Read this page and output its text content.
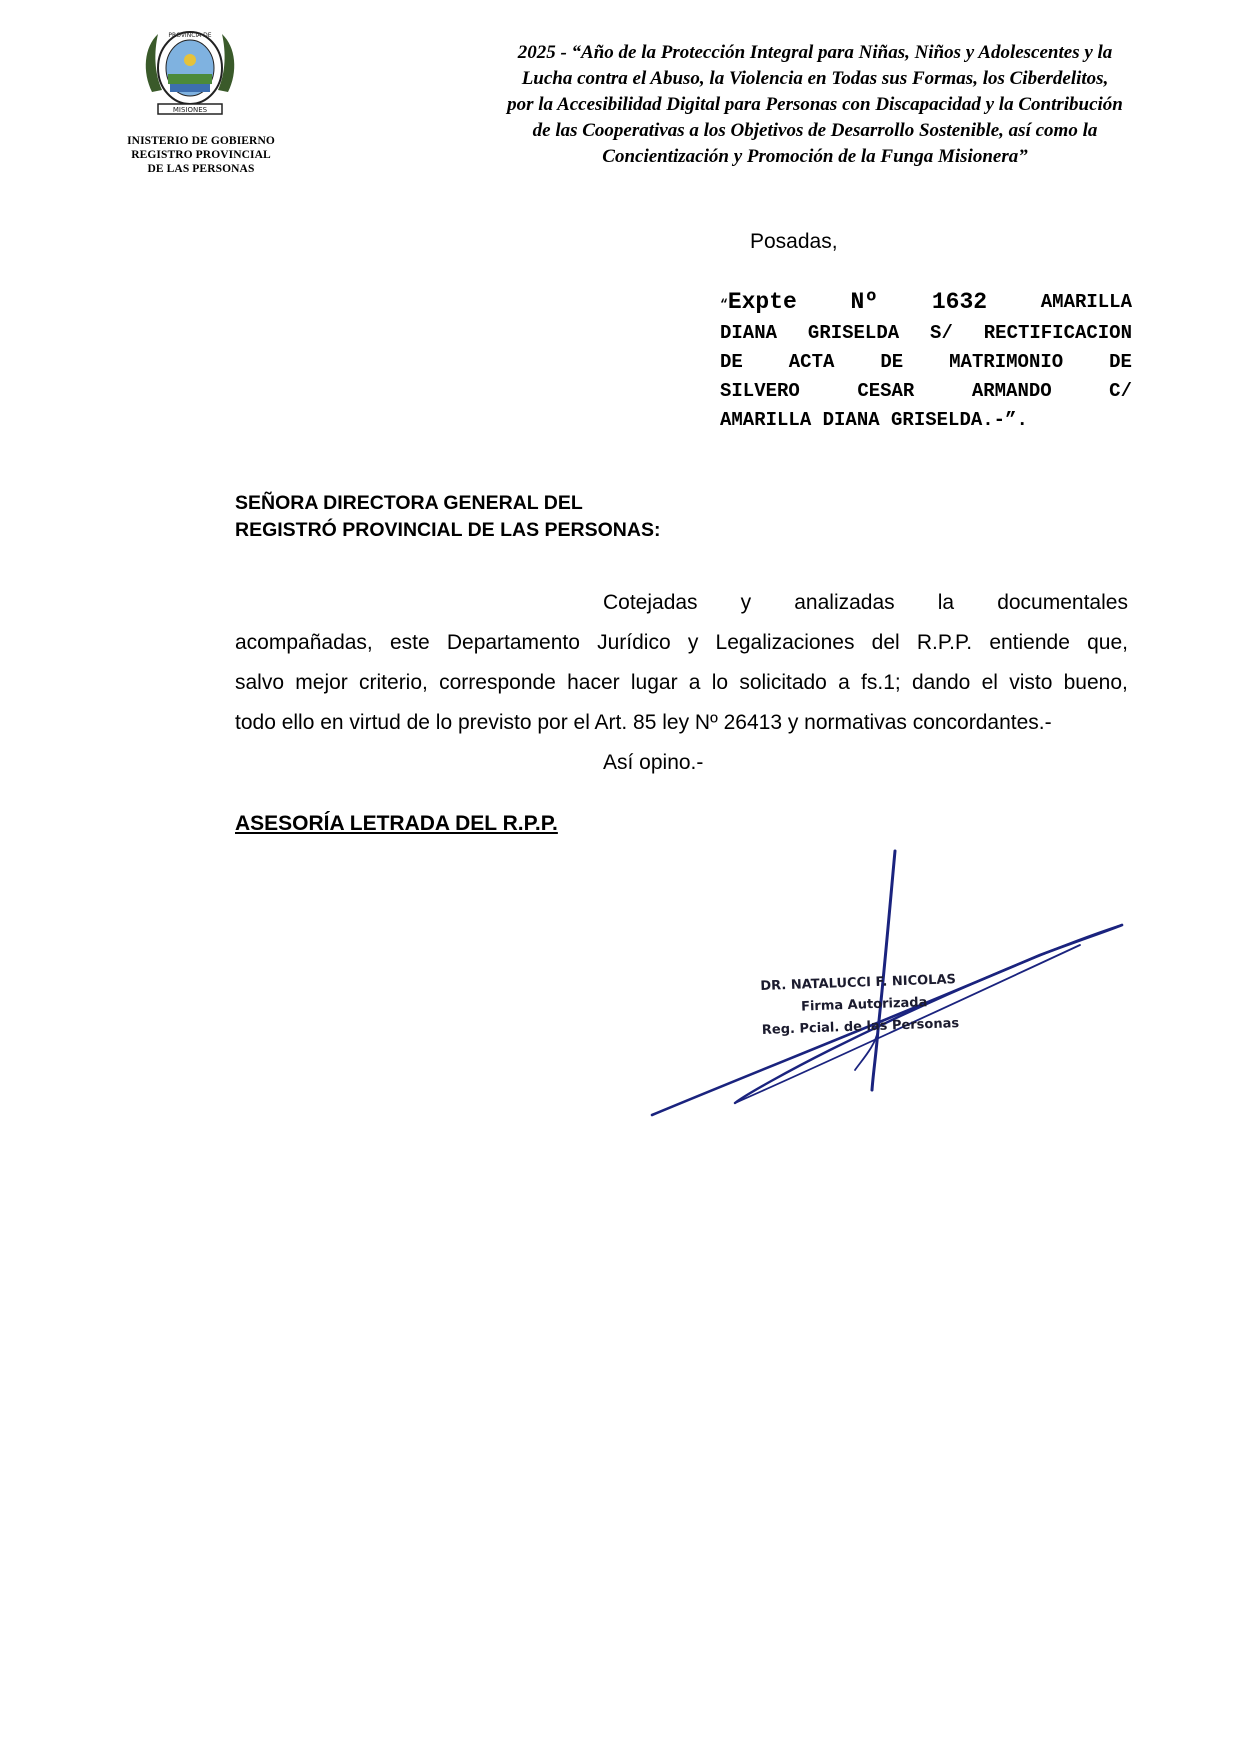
MISIONES
PROVINCIA DE
INISTERIO DE GOBIERNO
REGISTRO PROVINCIAL
DE LAS PERSONAS
2025 - “Año de la Protección Integral para Niñas, Niños y Adolescentes y la
Lucha contra el Abuso, la Violencia en Todas sus Formas, los Ciberdelitos,
por la Accesibilidad Digital para Personas con Discapacidad y la Contribución
de las Cooperativas a los Objetivos de Desarrollo Sostenible, así como la
Concientización y Promoción de la Funga Misionera”
Posadas,
“Expte Nº 1632	AMARILLA
DIANA GRISELDA S/ RECTIFICACION
DE ACTA DE MATRIMONIO DE
SILVERO	CESAR	ARMANDO	C/
AMARILLA DIANA GRISELDA.- ”.
SEÑORA DIRECTORA GENERAL DEL
REGISTRÓ PROVINCIAL DE LAS PERSONAS:
Cotejadas y analizadas la documentales
acompañadas, este Departamento Jurídico y Legalizaciones del R.P.P. entiende que,
salvo mejor criterio, corresponde hacer lugar a lo solicitado a fs.1; dando el visto bueno,
todo ello en virtud de lo previsto por el Art. 85 ley Nº 26413 y normativas concordantes.-
Así opino.-
ASESORÍA LETRADA DEL R.P.P.
DR. NATALUCCI F. NICOLAS
Firma Autorizada
Reg. Pcial. de las Personas
